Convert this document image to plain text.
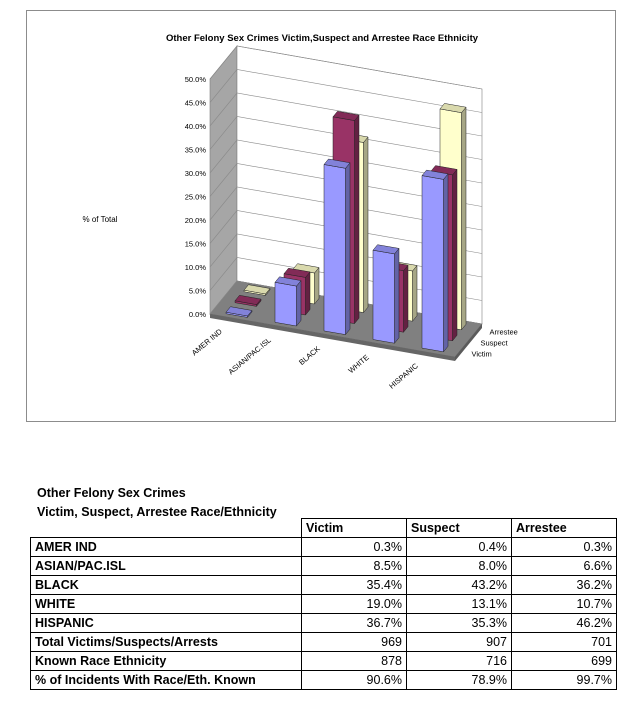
Other Felony Sex Crimes Victim,Suspect and Arrestee Race Ethnicity
% of Total
0.0%
5.0%
10.0%
15.0%
20.0%
25.0%
30.0%
35.0%
40.0%
45.0%
50.0%
AMER IND ASIAN/PAC.ISL	BLACK	WHITE HISPANIC
Victim
Suspect
Arrestee
Other Felony Sex Crimes
Victim, Suspect, Arrestee Race/Ethnicity
	Victim	Suspect	Arrestee
AMER IND	0.3%	0.4%	0.3%
ASIAN/PAC.ISL	8.5%	8.0%	6.6%
BLACK	35.4%	43.2%	36.2%
WHITE	19.0%	13.1%	10.7%
HISPANIC	36.7%	35.3%	46.2%
Total Victims/Suspects/Arrests	969	907	701
Known Race Ethnicity	878	716	699
% of Incidents With Race/Eth. Known	90.6%	78.9%	99.7%
